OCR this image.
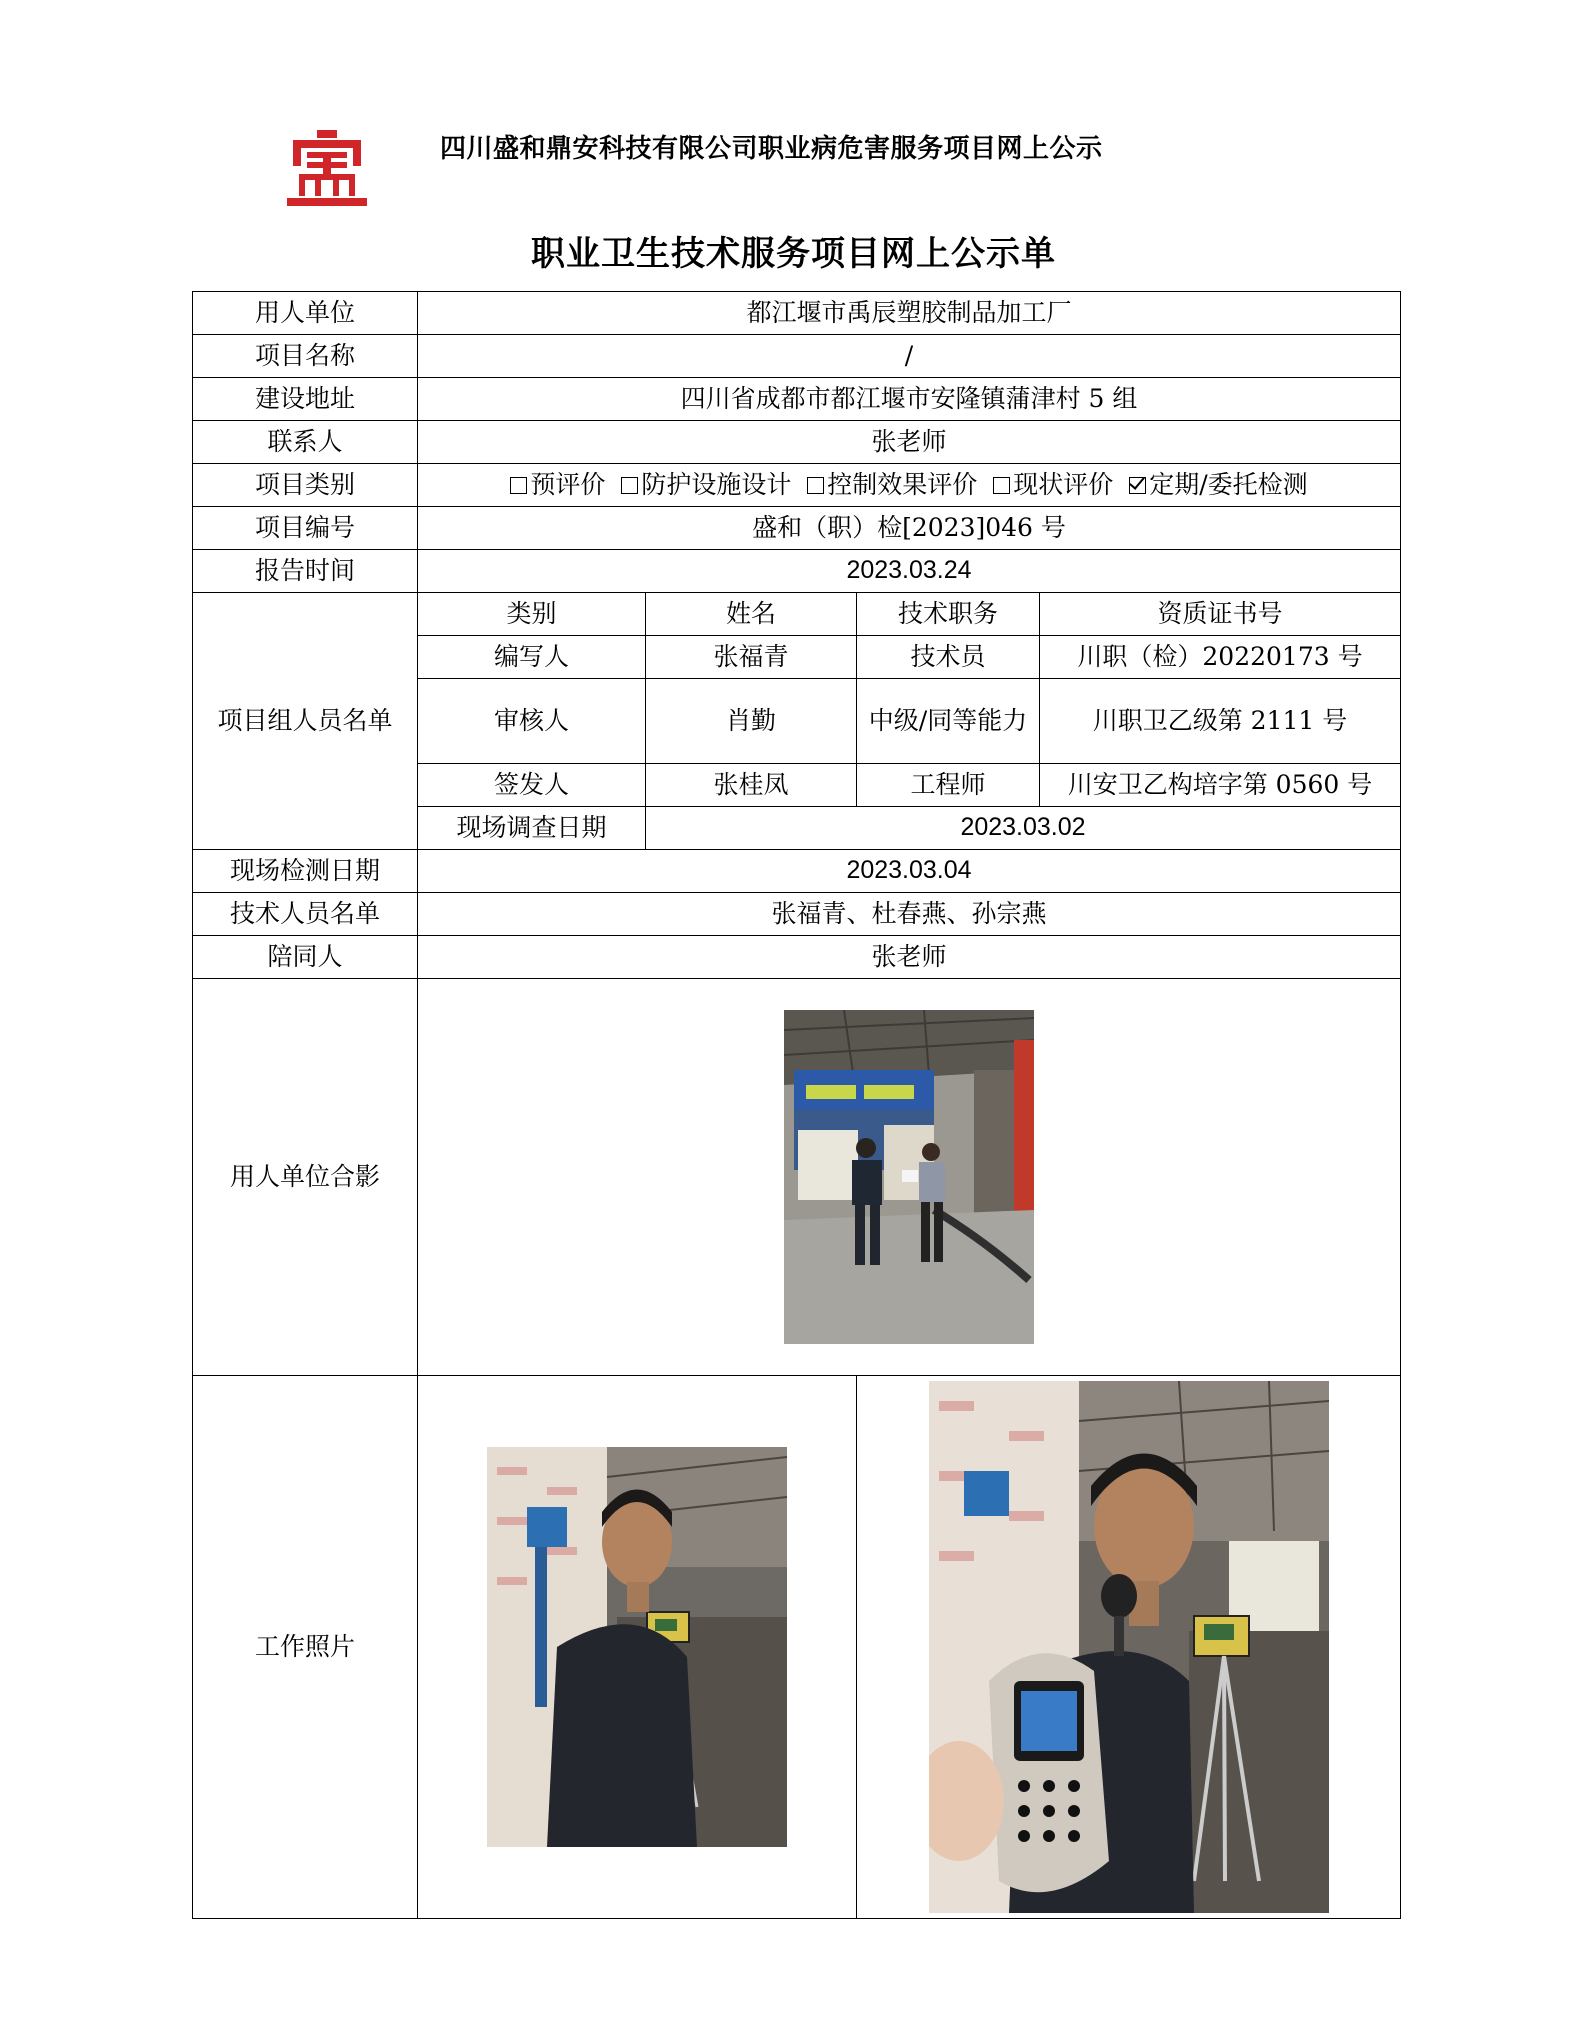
四川盛和鼎安科技有限公司职业病危害服务项目网上公示
职业卫生技术服务项目网上公示单
用人单位	都江堰市禹辰塑胶制品加工厂			
项目名称	/			
建设地址	四川省成都市都江堰市安隆镇蒲津村 5 组			
联系人	张老师			
项目类别	预评价 防护设施设计 控制效果评价 现状评价 定期/委托检测			
项目编号	盛和（职）检[2023]046 号			
报告时间	2023.03.24			
项目组人员名单	类别	姓名	技术职务	资质证书号
	编写人	张福青	技术员	川职（检）20220173 号
	审核人	肖勤	中级/同等能力	川职卫乙级第 2111 号
	签发人	张桂凤	工程师	川安卫乙构培字第 0560 号
	现场调查日期	2023.03.02		
现场检测日期	2023.03.04			
技术人员名单	张福青、杜春燕、孙宗燕			
陪同人	张老师			
用人单位合影	

工作照片	
